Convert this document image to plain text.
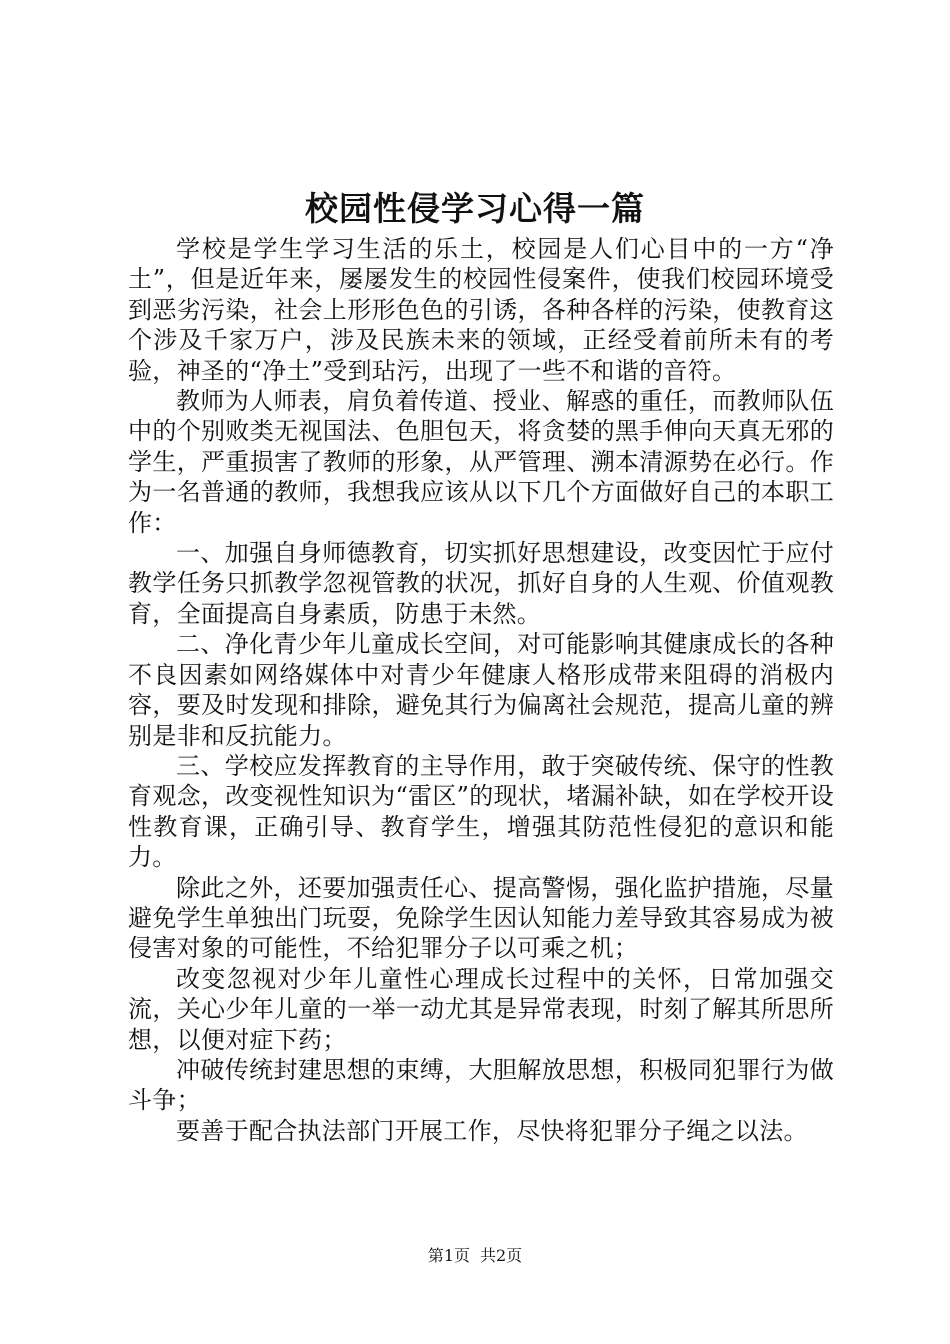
校园性侵学习心得一篇

学校是学生学习生活的乐土，校园是人们心目中的一方“净土”，但是近年来，屡屡发生的校园性侵案件，使我们校园环境受到恶劣污染，社会上形形色色的引诱，各种各样的污染，使教育这个涉及千家万户，涉及民族未来的领域，正经受着前所未有的考验，神圣的“净土”受到玷污，出现了一些不和谐的音符。

教师为人师表，肩负着传道、授业、解惑的重任，而教师队伍中的个别败类无视国法、色胆包天，将贪婪的黑手伸向天真无邪的学生，严重损害了教师的形象，从严管理、溯本清源势在必行。作为一名普通的教师，我想我应该从以下几个方面做好自己的本职工作：

一、加强自身师德教育，切实抓好思想建设，改变因忙于应付教学任务只抓教学忽视管教的状况，抓好自身的人生观、价值观教育，全面提高自身素质，防患于未然。

二、净化青少年儿童成长空间，对可能影响其健康成长的各种不良因素如网络媒体中对青少年健康人格形成带来阻碍的消极内容，要及时发现和排除，避免其行为偏离社会规范，提高儿童的辨别是非和反抗能力。

三、学校应发挥教育的主导作用，敢于突破传统、保守的性教育观念，改变视性知识为“雷区”的现状，堵漏补缺，如在学校开设性教育课，正确引导、教育学生，增强其防范性侵犯的意识和能力。

除此之外，还要加强责任心、提高警惕，强化监护措施，尽量避免学生单独出门玩耍，免除学生因认知能力差导致其容易成为被侵害对象的可能性，不给犯罪分子以可乘之机；

改变忽视对少年儿童性心理成长过程中的关怀，日常加强交流，关心少年儿童的一举一动尤其是异常表现，时刻了解其所思所想，以便对症下药；

冲破传统封建思想的束缚，大胆解放思想，积极同犯罪行为做斗争；

要善于配合执法部门开展工作，尽快将犯罪分子绳之以法。

第1页 共2页
